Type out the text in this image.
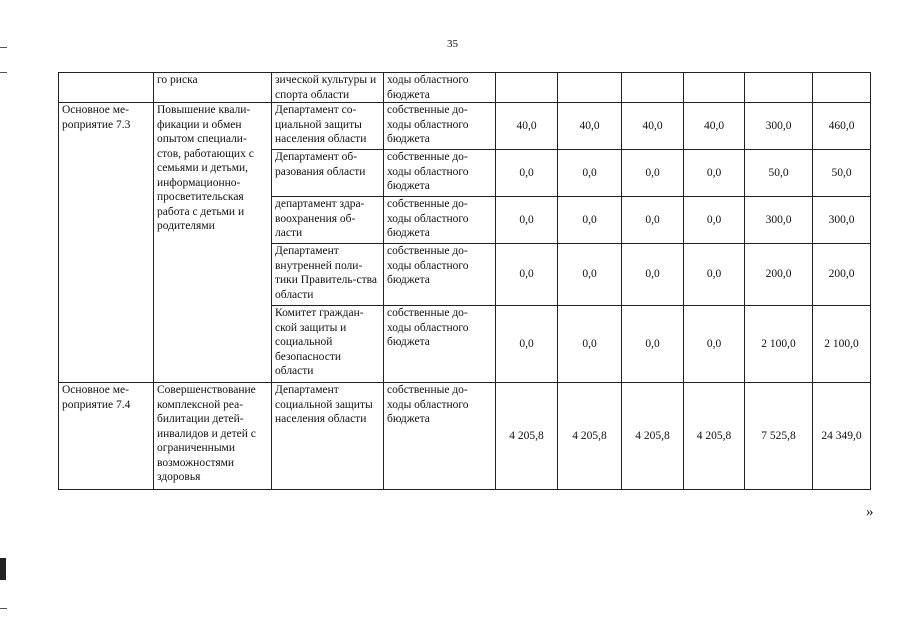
35
	го риска	зической культуры и спорта области	ходы областного бюджета						
Основное ме-роприятие 7.3	Повышение квали-фикации и обмен опытом специали-стов, работающих с семьями и детьми, информационно-просветительская работа с детьми и родителями	Департамент со-циальной защиты населения области	собственные до-ходы областного бюджета	40,0	40,0	40,0	40,0	300,0	460,0
		Департамент об-разования области	собственные до-ходы областного бюджета	0,0	0,0	0,0	0,0	50,0	50,0
		департамент здра-воохранения об-ласти	собственные до-ходы областного бюджета	0,0	0,0	0,0	0,0	300,0	300,0
		Департамент внутренней поли-тики Правитель-ства области	собственные до-ходы областного бюджета	0,0	0,0	0,0	0,0	200,0	200,0
		Комитет граждан-ской защиты и социальной безопасности области	собственные до-ходы областного бюджета	0,0	0,0	0,0	0,0	2 100,0	2 100,0
Основное ме-роприятие 7.4	Совершенствование комплексной реа-билитации детей-инвалидов и детей с ограниченными возможностями здоровья	Департамент социальной защиты населения области	собственные до-ходы областного бюджета	4 205,8	4 205,8	4 205,8	4 205,8	7 525,8	24 349,0
»
